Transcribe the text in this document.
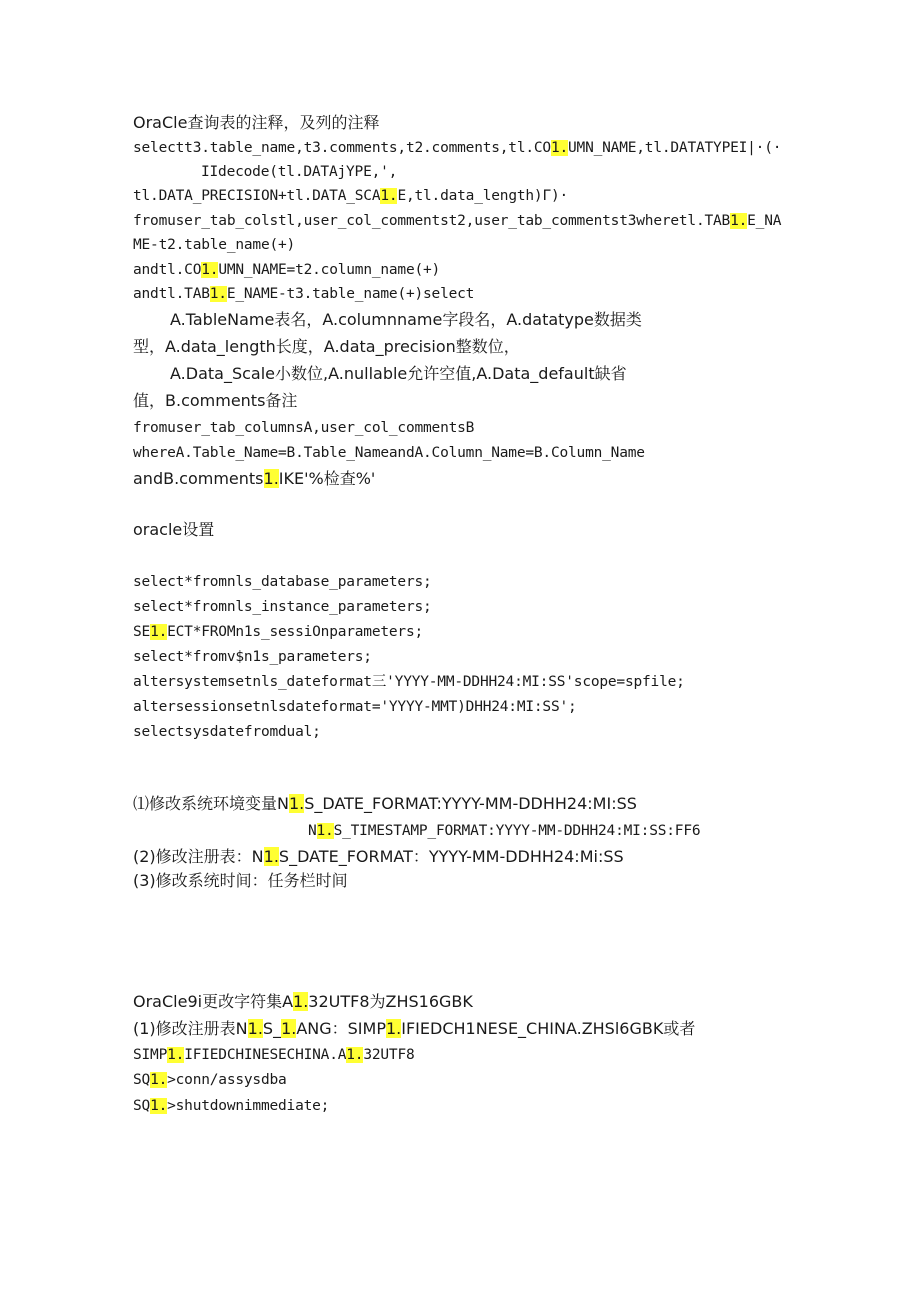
OraCle查询表的注释，及列的注释
selectt3.table_name,t3.comments,t2.comments,tl.CO1.UMN_NAME,tl.DATATYPEI|·(·
IIdecode(tl.DATAjYPE,',
tl.DATA_PRECISION+tl.DATA_SCA1.E,tl.data_length)Γ)·
fromuser_tab_colstl,user_col_commentst2,user_tab_commentst3wheretl.TAB1.E_NA
ME-t2.table_name(+)
andtl.CO1.UMN_NAME=t2.column_name(+)
andtl.TAB1.E_NAME-t3.table_name(+)select
A.TableName表名，A.columnname字段名，A.datatype数据类
型，A.data_length长度，A.data_precision整数位，
A.Data_Scale小数位,A.nullable允许空值,A.Data_default缺省
值，B.comments备注
fromuser_tab_columnsA,user_col_commentsB
whereA.Table_Name=B.Table_NameandA.Column_Name=B.Column_Name
andB.comments1.IKE'%检查%'
oracle设置
select*fromnls_database_parameters;
select*fromnls_instance_parameters;
SE1.ECT*FROMn1s_sessiOnparameters;
select*fromv$n1s_parameters;
altersystemsetnls_dateformat三'YYYY-MM-DDHH24:MI:SS'scope=spfile;
altersessionsetnlsdateformat='YYYY-MMT)DHH24:MI:SS';
selectsysdatefromdual;
⑴修改系统环境变量N1.S_DATE_FORMAT:YYYY-MM-DDHH24:MI:SS
N1.S_TIMESTAMP_FORMAT:YYYY-MM-DDHH24:MI:SS:FF6
(2)修改注册表：N1.S_DATE_FORMAT：YYYY-MM-DDHH24:Mi:SS
(3)修改系统时间：任务栏时间
OraCle9i更改字符集A1.32UTF8为ZHS16GBK
(1)修改注册表N1.S_1.ANG：SIMP1.IFIEDCH1NESE_CHINA.ZHSl6GBK或者
SIMP1.IFIEDCHINESECHINA.A1.32UTF8
SQ1.>conn/assysdba
SQ1.>shutdownimmediate;
